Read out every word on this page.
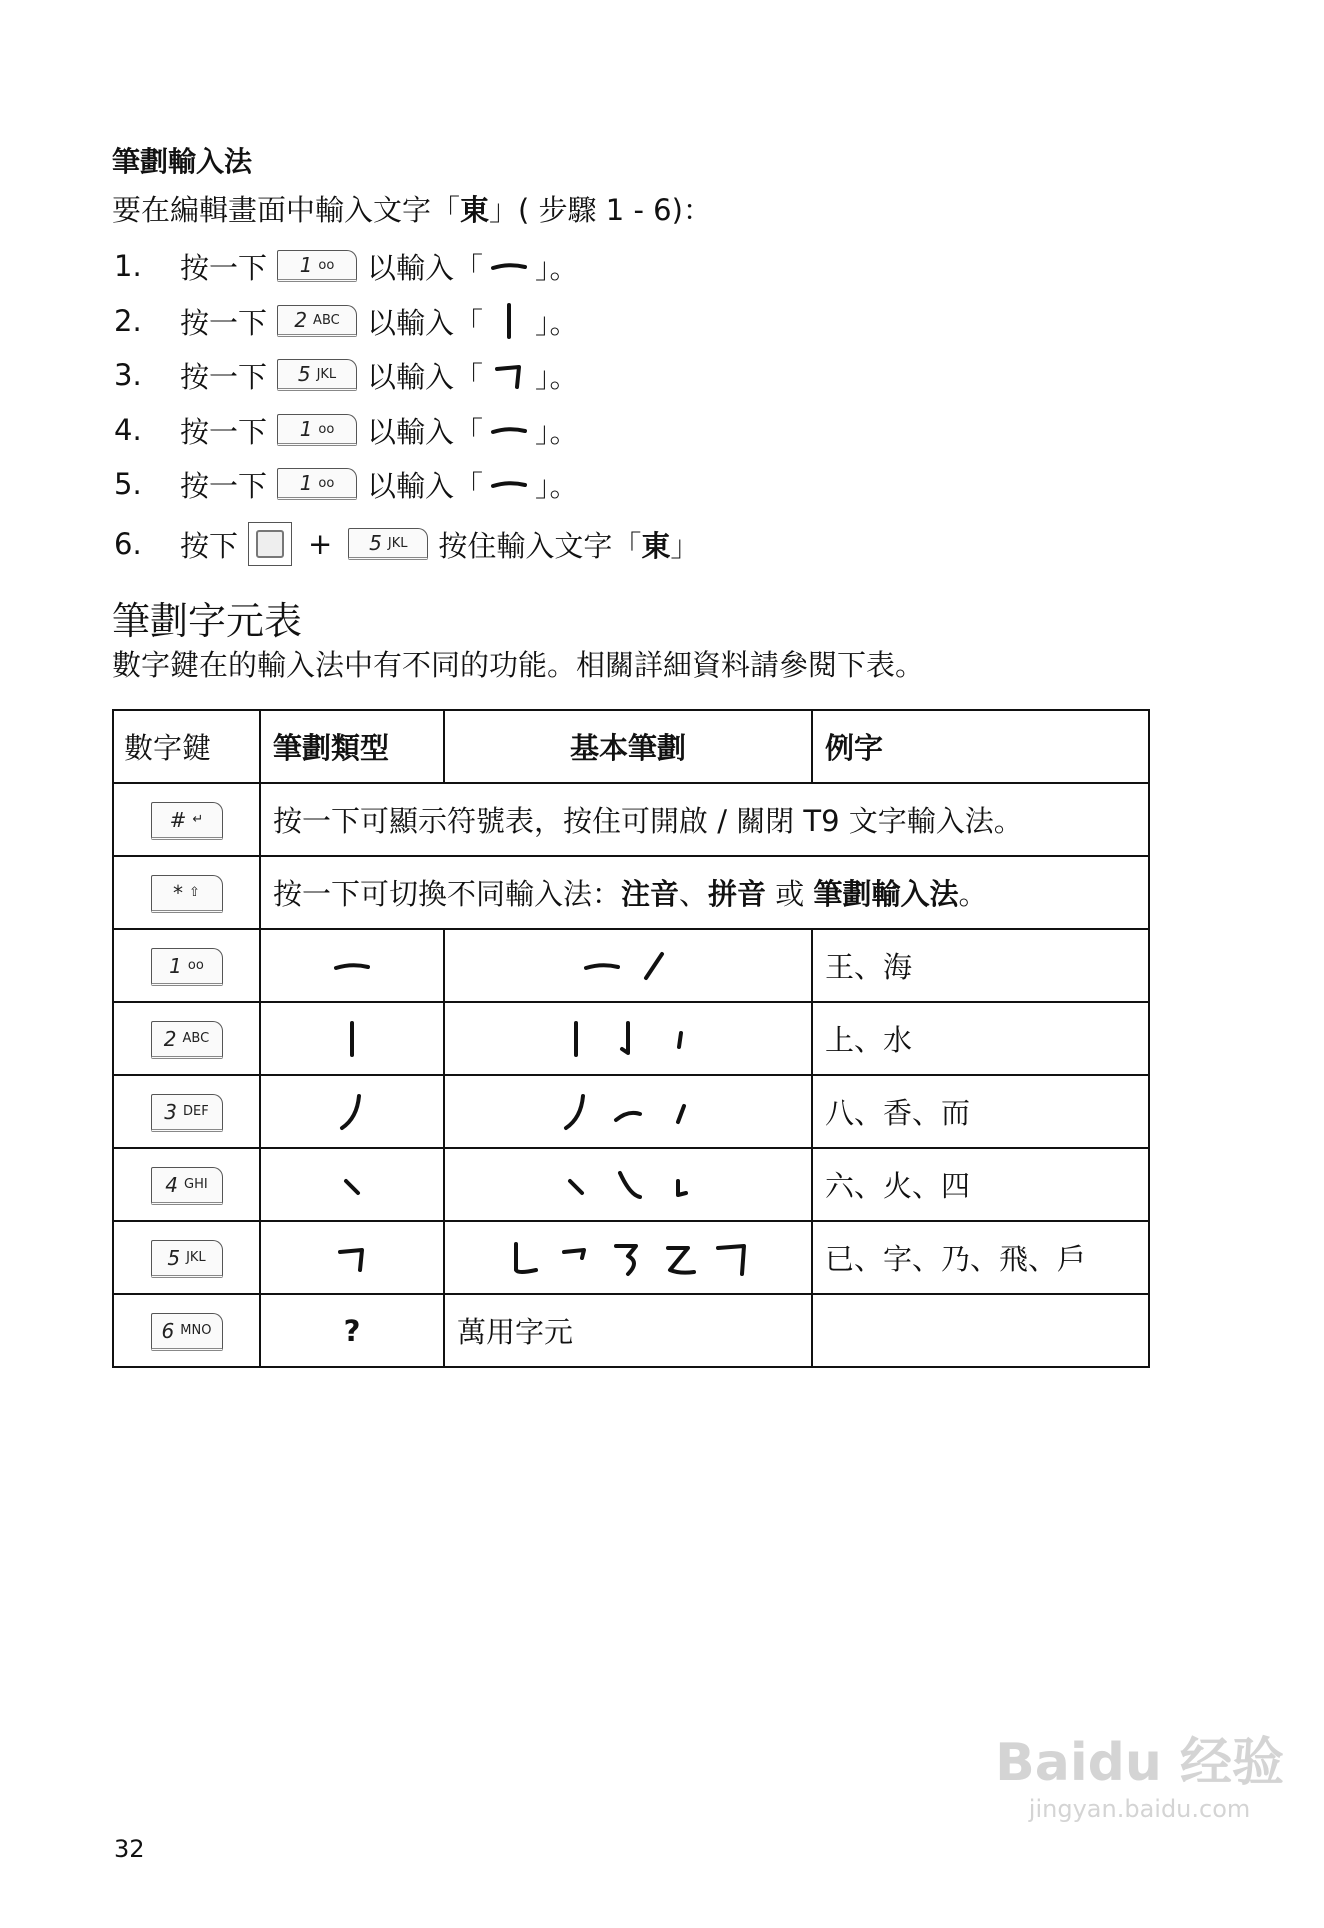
筆劃輸入法
要在編輯畫面中輸入文字「東」( 步驟 1 - 6)：
1.	按一下 1 oo 以輸入「 」。
2.	按一下 2 ABC 以輸入「 」。
3.	按一下 5 JKL 以輸入「 」。
4.	按一下 1 oo 以輸入「 」。
5.	按一下 1 oo 以輸入「 」。
6.	按下 + 5 JKL 按住輸入文字「 東 」
筆劃字元表
數字鍵在的輸入法中有不同的功能。相關詳細資料請參閱下表。
數字鍵	筆劃類型	基本筆劃	例字

# ↵	按一下可顯示符號表，按住可開啟 / 關閉 T9 文字輸入法。		

* ⇧	按一下可切換不同輸入法：注音、拼音 或 筆劃輸入法。		

1 oo			王、海

2 ABC			上、水

3 DEF			八、香、而

4 GHI			六、火、四

5 JKL			已、字、乃、飛、戶

6 MNO	?	萬用字元	
32
Baidu 经验
jingyan.baidu.com
